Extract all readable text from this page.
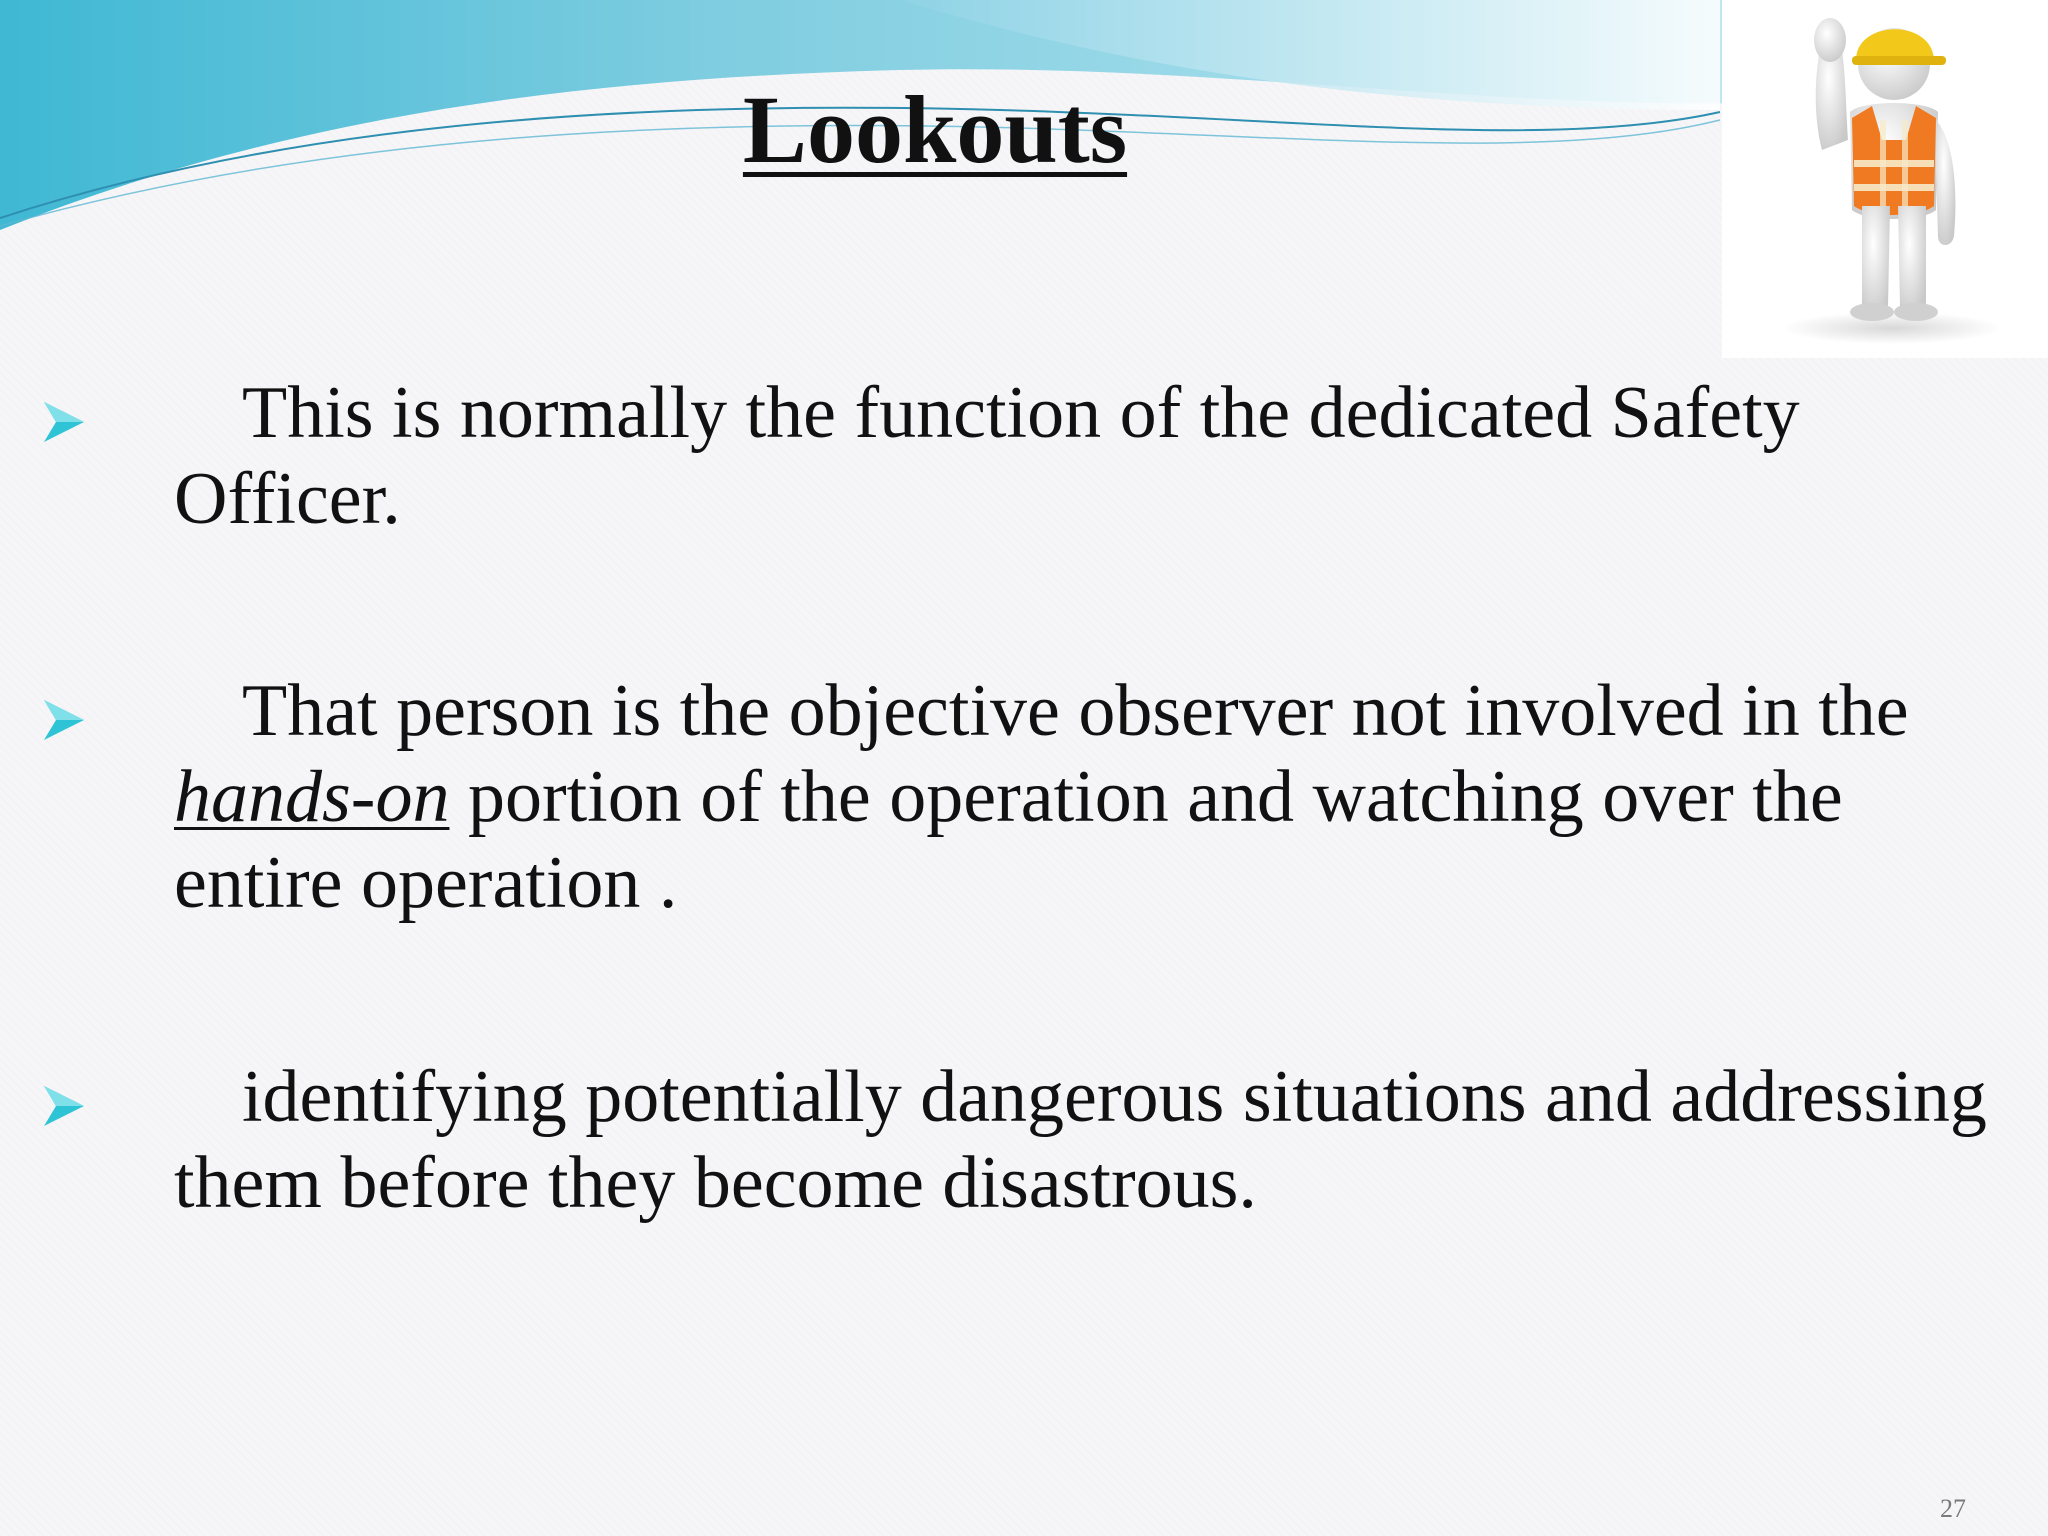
Lookouts
This is normally the function of the dedicated Safety Officer.
That person is the objective observer not involved in the hands-on portion of the operation and watching over the entire operation .
identifying potentially dangerous situations and addressing them before they become disastrous.
27
